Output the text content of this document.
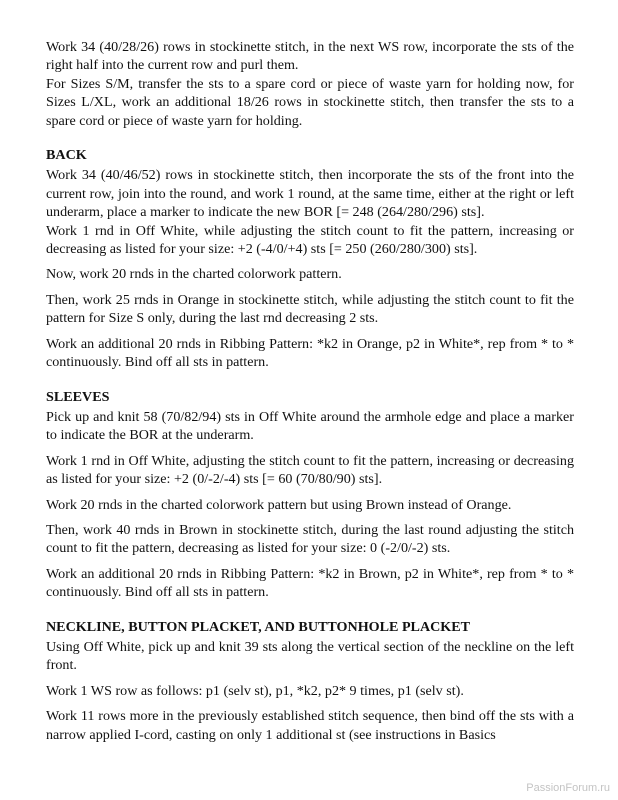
Work 34 (40/28/26) rows in stockinette stitch, in the next WS row, incorporate the sts of the right half into the current row and purl them.

For Sizes S/M, transfer the sts to a spare cord or piece of waste yarn for holding now, for Sizes L/XL, work an additional 18/26 rows in stockinette stitch, then transfer the sts to a spare cord or piece of waste yarn for holding.

BACK

Work 34 (40/46/52) rows in stockinette stitch, then incorporate the sts of the front into the current row, join into the round, and work 1 round, at the same time, either at the right or left underarm, place a marker to indicate the new BOR [= 248 (264/280/296) sts].

Work 1 rnd in Off White, while adjusting the stitch count to fit the pattern, increasing or decreasing as listed for your size: +2 (-4/0/+4) sts [= 250 (260/280/300) sts].

Now, work 20 rnds in the charted colorwork pattern.

Then, work 25 rnds in Orange in stockinette stitch, while adjusting the stitch count to fit the pattern for Size S only, during the last rnd decreasing 2 sts.

Work an additional 20 rnds in Ribbing Pattern: *k2 in Orange, p2 in White*, rep from * to * continuously. Bind off all sts in pattern.

SLEEVES

Pick up and knit 58 (70/82/94) sts in Off White around the armhole edge and place a marker to indicate the BOR at the underarm.

Work 1 rnd in Off White, adjusting the stitch count to fit the pattern, increasing or decreasing as listed for your size: +2 (0/-2/-4) sts [= 60 (70/80/90) sts].

Work 20 rnds in the charted colorwork pattern but using Brown instead of Orange.

Then, work 40 rnds in Brown in stockinette stitch, during the last round adjusting the stitch count to fit the pattern, decreasing as listed for your size: 0 (-2/0/-2) sts.

Work an additional 20 rnds in Ribbing Pattern: *k2 in Brown, p2 in White*, rep from * to * continuously. Bind off all sts in pattern.

NECKLINE, BUTTON PLACKET, AND BUTTONHOLE PLACKET

Using Off White, pick up and knit 39 sts along the vertical section of the neckline on the left front.

Work 1 WS row as follows: p1 (selv st), p1, *k2, p2* 9 times, p1 (selv st).

Work 11 rows more in the previously established stitch sequence, then bind off the sts with a narrow applied I-cord, casting on only 1 additional st (see instructions in Basics

PassionForum.ru
